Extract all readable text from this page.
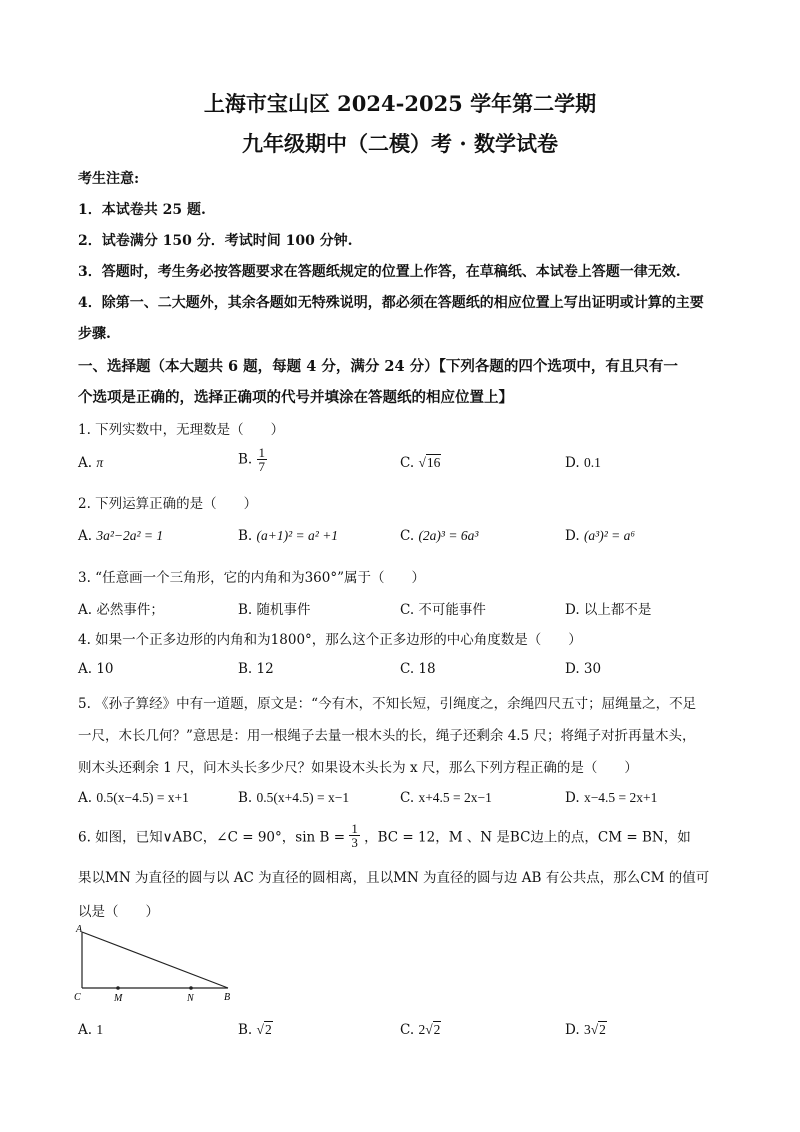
上海市宝山区 2024-2025 学年第二学期
九年级期中（二模）考 · 数学试卷
考生注意:
1．本试卷共 25 题.
2．试卷满分 150 分．考试时间 100 分钟.
3．答题时，考生务必按答题要求在答题纸规定的位置上作答，在草稿纸、本试卷上答题一律无效.
4．除第一、二大题外，其余各题如无特殊说明，都必须在答题纸的相应位置上写出证明或计算的主要
步骤.
一、选择题（本大题共 6 题，每题 4 分，满分 24 分）【下列各题的四个选项中，有且只有一
个选项是正确的，选择正确项的代号并填涂在答题纸的相应位置上】
1. 下列实数中，无理数是（　　）
A. π	B. $\frac{1}{7}$	C. √16	D. 0.1
2. 下列运算正确的是（　　）
A. 3a²−2a² = 1	B. (a+1)² = a² +1	C. (2a)³ = 6a³	D. (a³)² = a⁶
3. “任意画一个三角形，它的内角和为360°”属于（　　）
A. 必然事件；	B. 随机事件	C. 不可能事件	D. 以上都不是
4. 如果一个正多边形的内角和为1800°，那么这个正多边形的中心角度数是（　　）
A. 10	B. 12	C. 18	D. 30
5. 《孙子算经》中有一道题，原文是：“今有木，不知长短，引绳度之，余绳四尺五寸；屈绳量之，不足
一尺，木长几何？”意思是：用一根绳子去量一根木头的长，绳子还剩余 4.5 尺；将绳子对折再量木头，
则木头还剩余 1 尺，问木头长多少尺？如果设木头长为 x 尺，那么下列方程正确的是（　　）
A. 0.5(x−4.5) = x+1	B. 0.5(x+4.5) = x−1	C. x+4.5 = 2x−1	D. x−4.5 = 2x+1
6. 如图，已知∨ABC，∠C = 90°，$\sin B = \frac{1}{3}$ ，BC = 12，M 、N 是BC边上的点，CM = BN，如
果以MN 为直径的圆与以 AC 为直径的圆相离，且以MN 为直径的圆与边 AB 有公共点，那么CM 的值可
以是（　　）
A
C	M	N	B
A. 1	B. √2	C. 2√2	D. 3√2
